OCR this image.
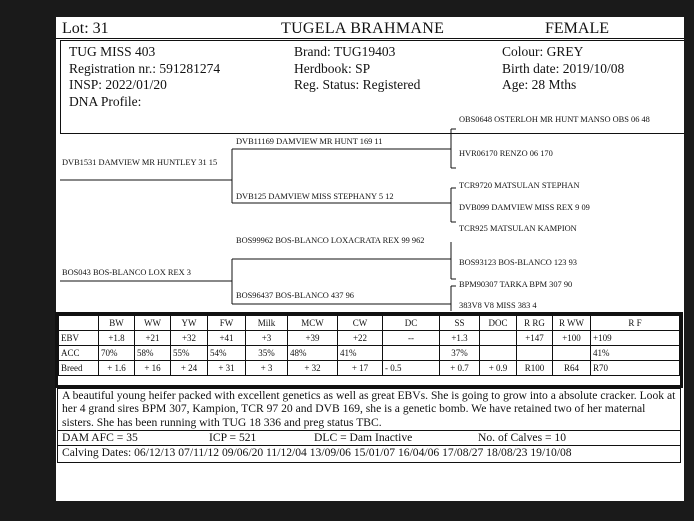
Lot: 31	TUGELA BRAHMANE	FEMALE
TUG MISS 403
Registration nr.: 591281274
INSP: 2022/01/20
DNA Profile:
Brand: TUG19403
Herdbook: SP
Reg. Status: Registered
Colour: GREY
Birth date: 2019/10/08
Age: 28 Mths
DVB1531 DAMVIEW MR HUNTLEY 31 15
BOS043 BOS-BLANCO LOX REX 3
DVB11169 DAMVIEW MR HUNT 169 11
DVB125 DAMVIEW MISS STEPHANY 5 12
BOS99962 BOS-BLANCO LOXACRATA REX 99 962
BOS96437 BOS-BLANCO 437 96
OBS0648 OSTERLOH MR HUNT MANSO OBS 06 48
HVR06170 RENZO 06 170
TCR9720 MATSULAN STEPHAN
DVB099 DAMVIEW MISS REX 9 09
TCR925 MATSULAN KAMPION
BOS93123 BOS-BLANCO 123 93
BPM90307 TARKA BPM 307 90
383V8 V8 MISS 383 4
	BW	WW	YW	FW	Milk	MCW	CW	DC	SS	DOC	R RG	R WW	R F
EBV	+1.8	+21	+32	+41	+3	+39	+22	--	+1.3		+147	+100	+109
ACC	70%	58%	55%	54%	35%	48%	41%		37%				41%
Breed	+ 1.6	+ 16	+ 24	+ 31	+ 3	+ 32	+ 17	- 0.5	+ 0.7	+ 0.9	R100	R64	R70
A beautiful young heifer packed with excellent genetics as well as great EBVs. She is going to grow into a absolute cracker. Look at her 4 grand sires BPM 307, Kampion, TCR 97 20 and DVB 169, she is a genetic bomb. We have retained two of her maternal sisters. She has been running with TUG 18 336 and preg status TBC.
DAM AFC = 35	ICP = 521	DLC = Dam Inactive	No. of Calves = 10
Calving Dates: 06/12/13 07/11/12 09/06/20 11/12/04 13/09/06 15/01/07 16/04/06 17/08/27 18/08/23 19/10/08
